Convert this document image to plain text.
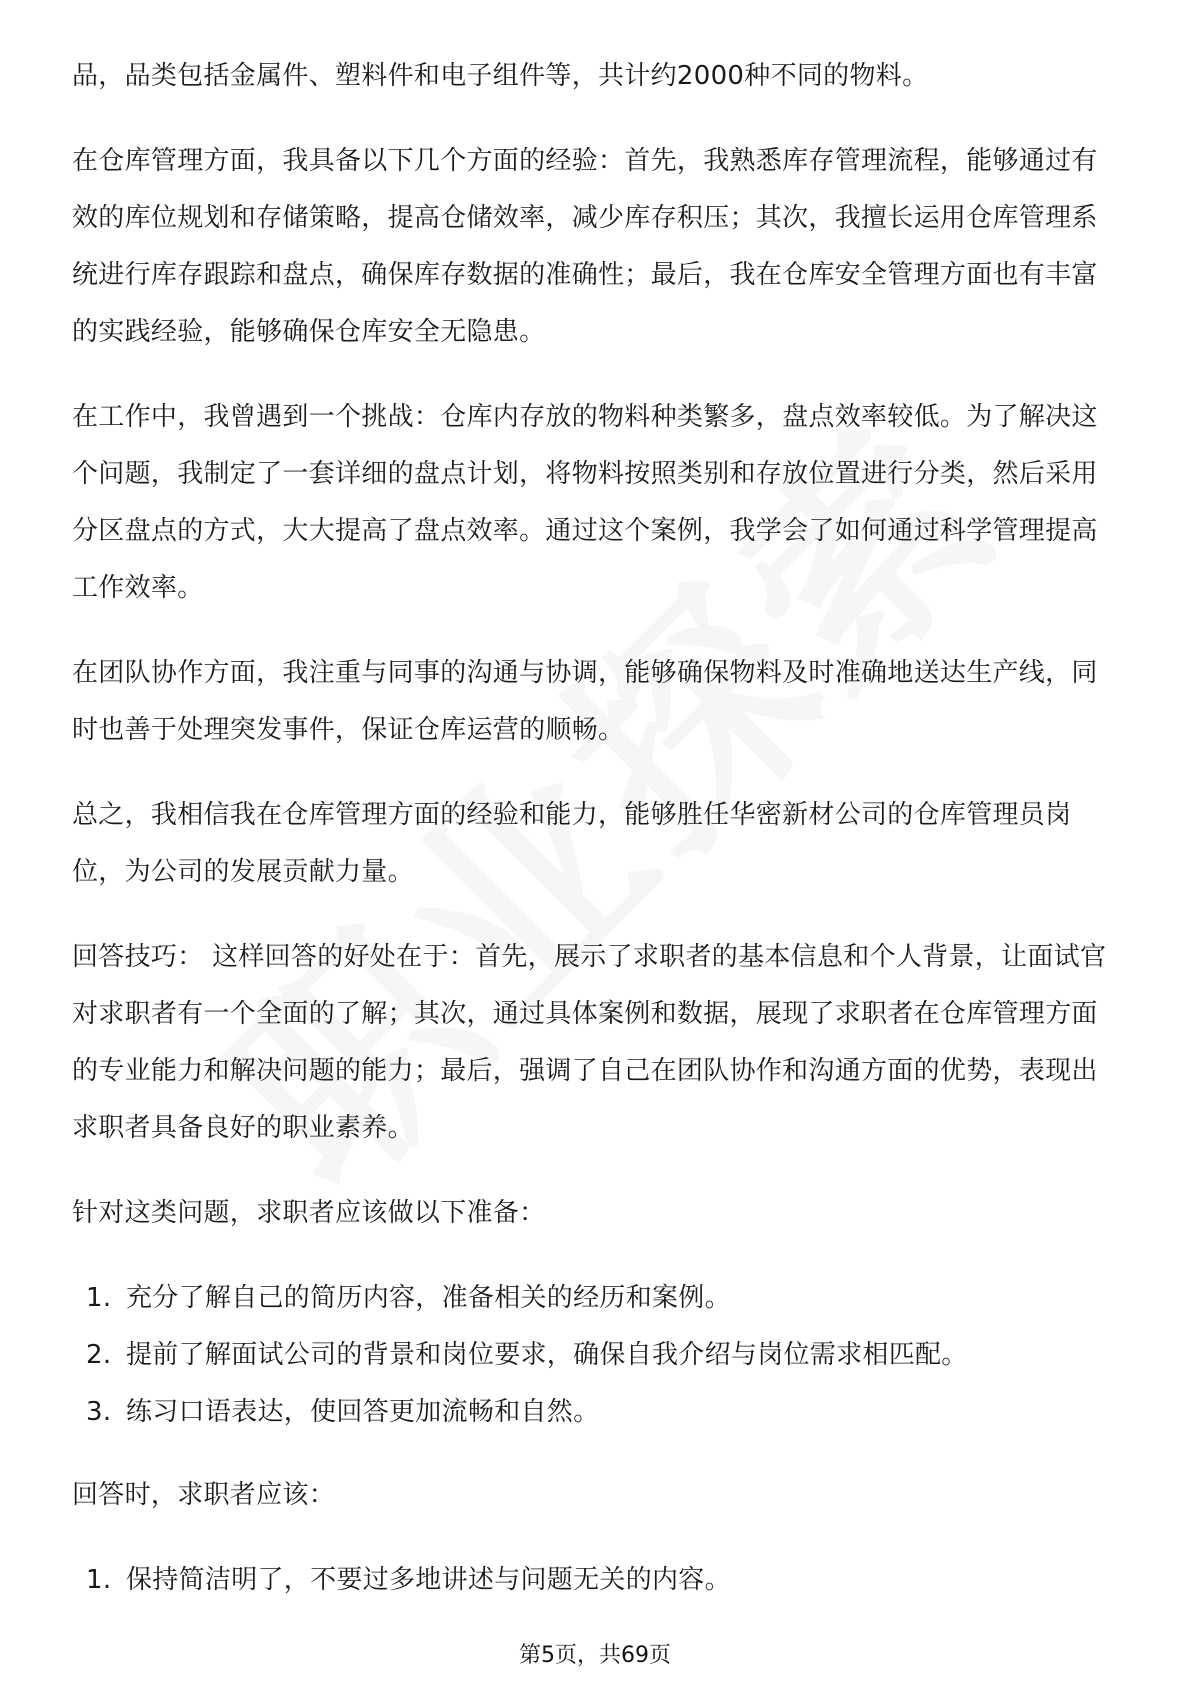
品，品类包括金属件、塑料件和电子组件等，共计约2000种不同的物料。

在仓库管理方面，我具备以下几个方面的经验：首先，我熟悉库存管理流程，能够通过有效的库位规划和存储策略，提高仓储效率，减少库存积压；其次，我擅长运用仓库管理系统进行库存跟踪和盘点，确保库存数据的准确性；最后，我在仓库安全管理方面也有丰富的实践经验，能够确保仓库安全无隐患。

在工作中，我曾遇到一个挑战：仓库内存放的物料种类繁多，盘点效率较低。为了解决这个问题，我制定了一套详细的盘点计划，将物料按照类别和存放位置进行分类，然后采用分区盘点的方式，大大提高了盘点效率。通过这个案例，我学会了如何通过科学管理提高工作效率。

在团队协作方面，我注重与同事的沟通与协调，能够确保物料及时准确地送达生产线，同时也善于处理突发事件，保证仓库运营的顺畅。

总之，我相信我在仓库管理方面的经验和能力，能够胜任华密新材公司的仓库管理员岗位，为公司的发展贡献力量。

回答技巧： 这样回答的好处在于：首先，展示了求职者的基本信息和个人背景，让面试官对求职者有一个全面的了解；其次，通过具体案例和数据，展现了求职者在仓库管理方面的专业能力和解决问题的能力；最后，强调了自己在团队协作和沟通方面的优势，表现出求职者具备良好的职业素养。

针对这类问题，求职者应该做以下准备：

1. 充分了解自己的简历内容，准备相关的经历和案例。
2. 提前了解面试公司的背景和岗位要求，确保自我介绍与岗位需求相匹配。
3. 练习口语表达，使回答更加流畅和自然。

回答时，求职者应该：

1. 保持简洁明了，不要过多地讲述与问题无关的内容。
第5页，共69页
